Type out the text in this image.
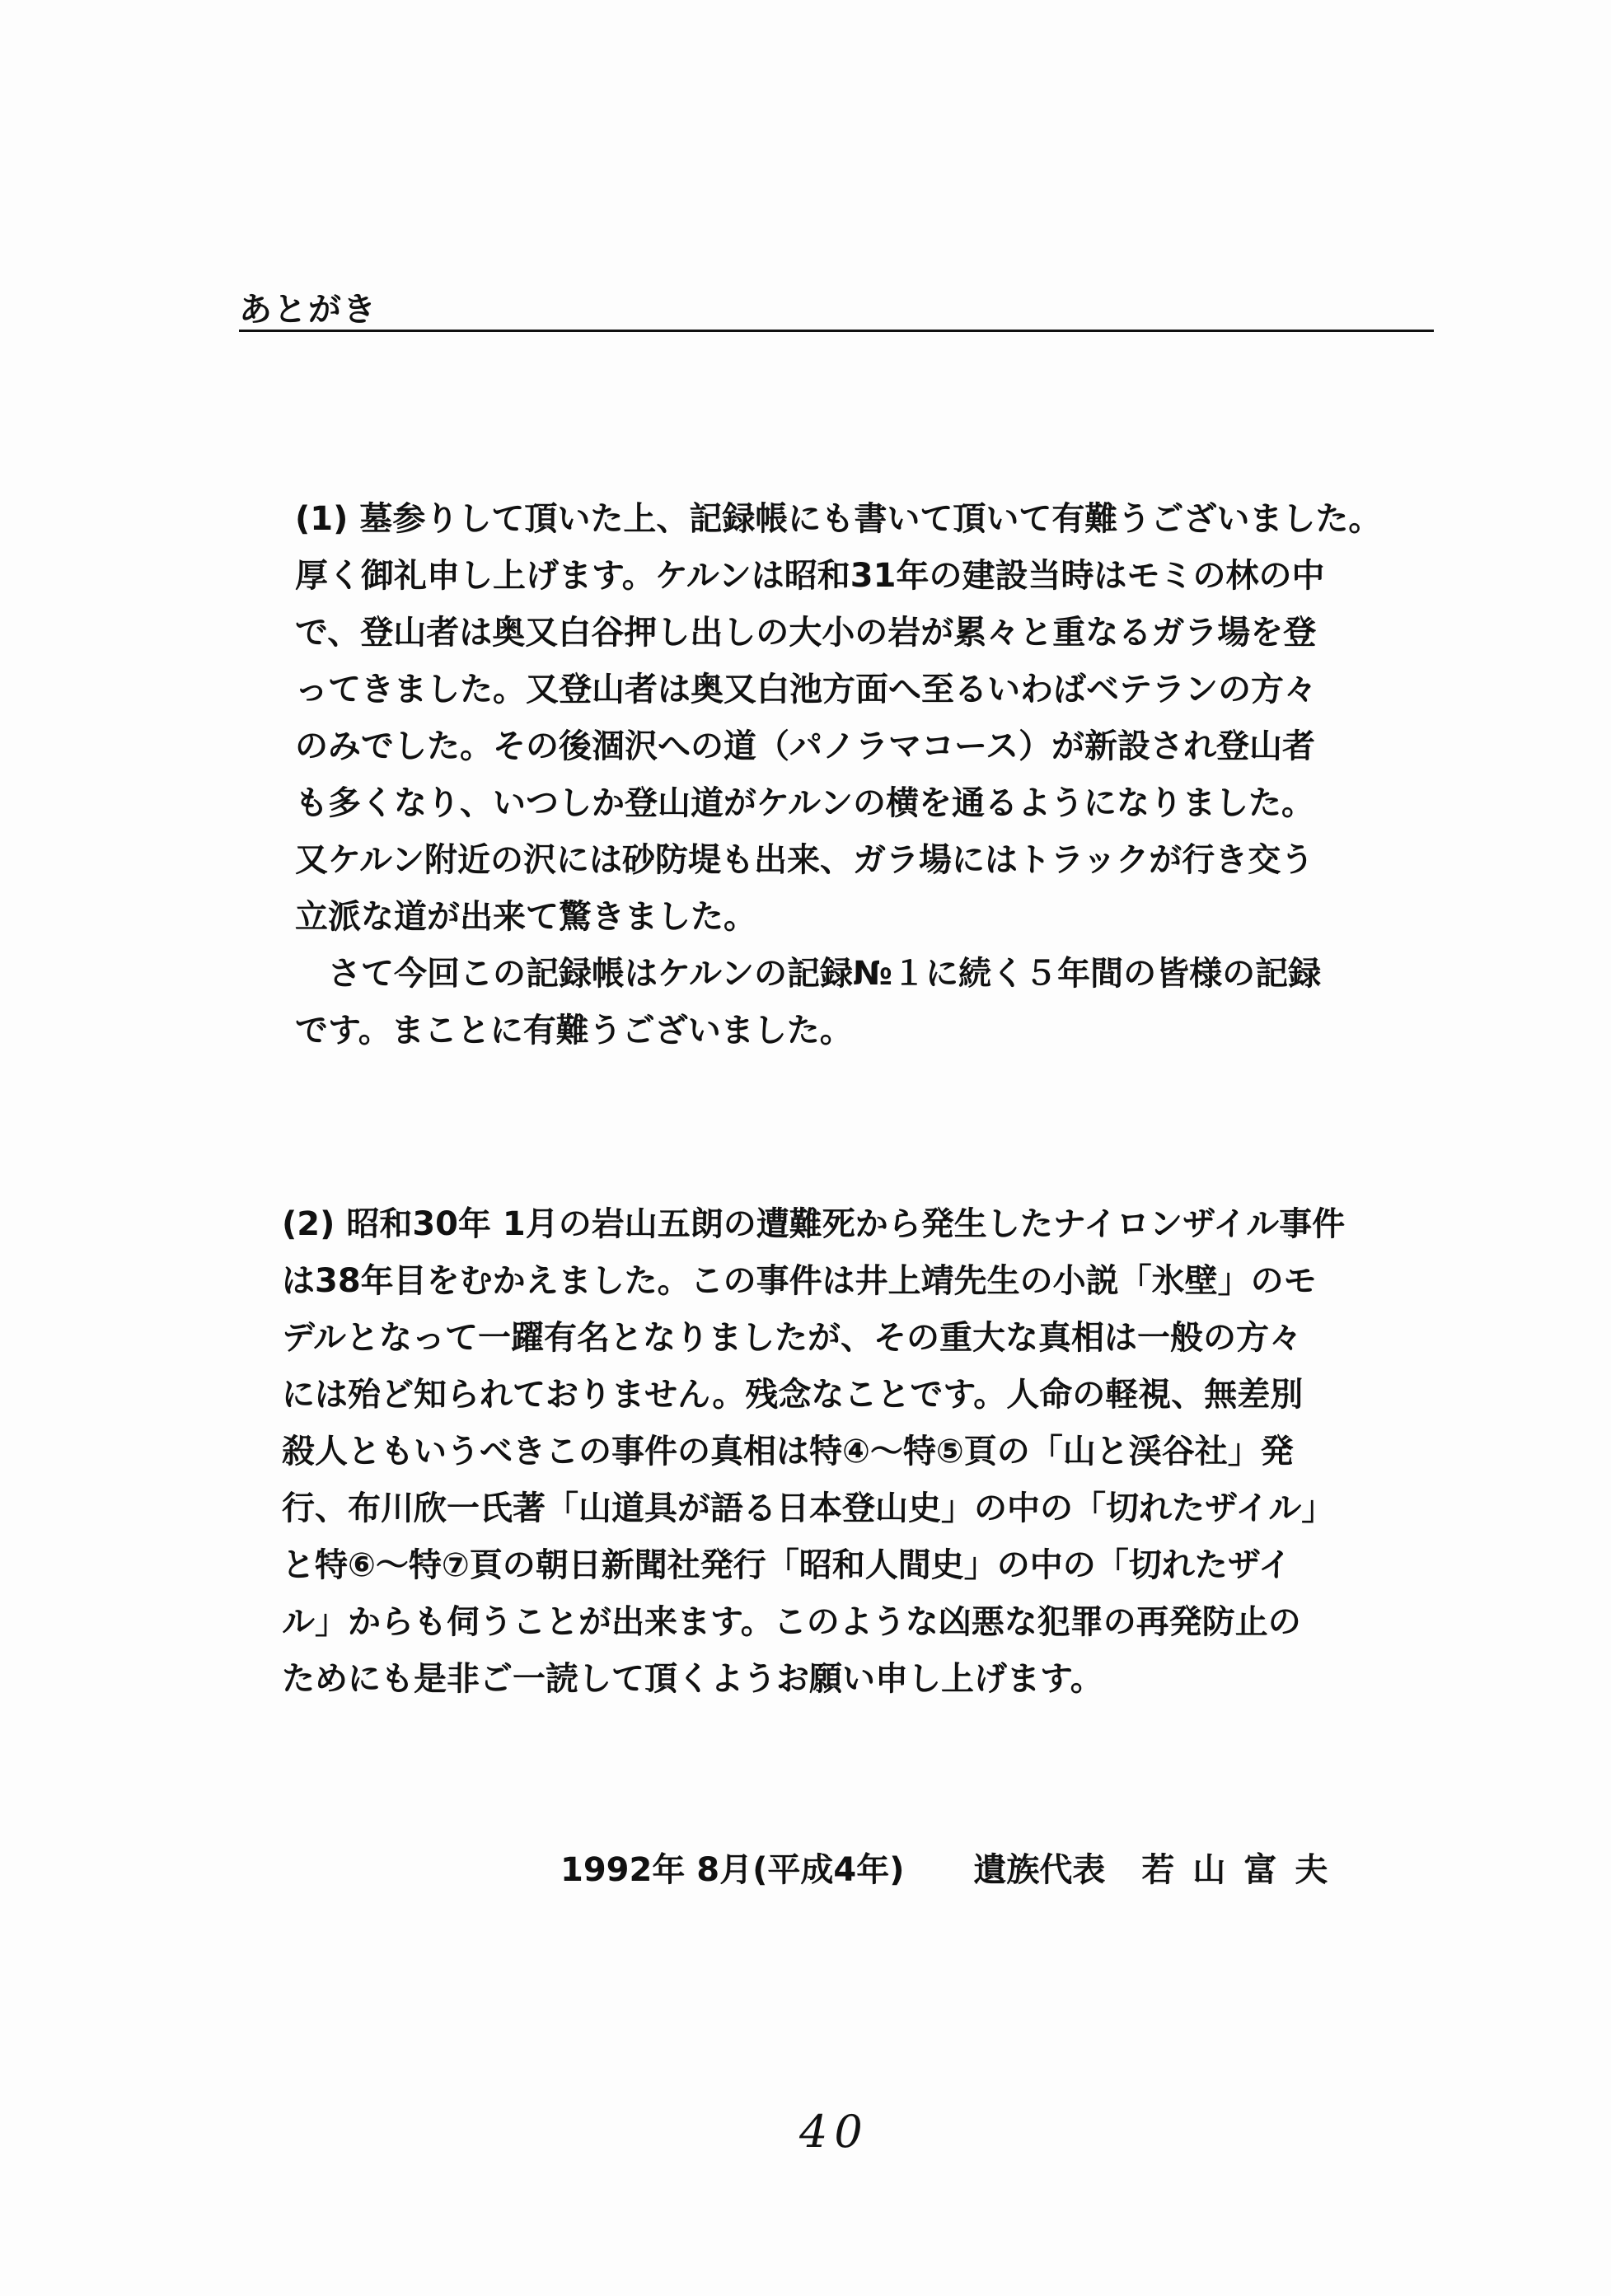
あとがき
(1) 墓参りして頂いた上、記録帳にも書いて頂いて有難うございました。
厚く御礼申し上げます。ケルンは昭和31年の建設当時はモミの林の中
で、登山者は奥又白谷押し出しの大小の岩が累々と重なるガラ場を登
ってきました。又登山者は奥又白池方面へ至るいわばベテランの方々
のみでした。その後涸沢への道（パノラマコース）が新設され登山者
も多くなり、いつしか登山道がケルンの横を通るようになりました。
又ケルン附近の沢には砂防堤も出来、ガラ場にはトラックが行き交う
立派な道が出来て驚きました。
　さて今回この記録帳はケルンの記録№１に続く５年間の皆様の記録
です。まことに有難うございました。
(2) 昭和30年 1月の岩山五朗の遭難死から発生したナイロンザイル事件
は38年目をむかえました。この事件は井上靖先生の小説「氷壁」のモ
デルとなって一躍有名となりましたが、その重大な真相は一般の方々
には殆ど知られておりません。残念なことです。人命の軽視、無差別
殺人ともいうべきこの事件の真相は特④～特⑤頁の「山と渓谷社」発
行、布川欣一氏著「山道具が語る日本登山史」の中の「切れたザイル」
と特⑥～特⑦頁の朝日新聞社発行「昭和人間史」の中の「切れたザイ
ル」からも伺うことが出来ます。このような凶悪な犯罪の再発防止の
ためにも是非ご一読して頂くようお願い申し上げます。
1992年 8月(平成4年) 遺族代表 若山富夫
40
